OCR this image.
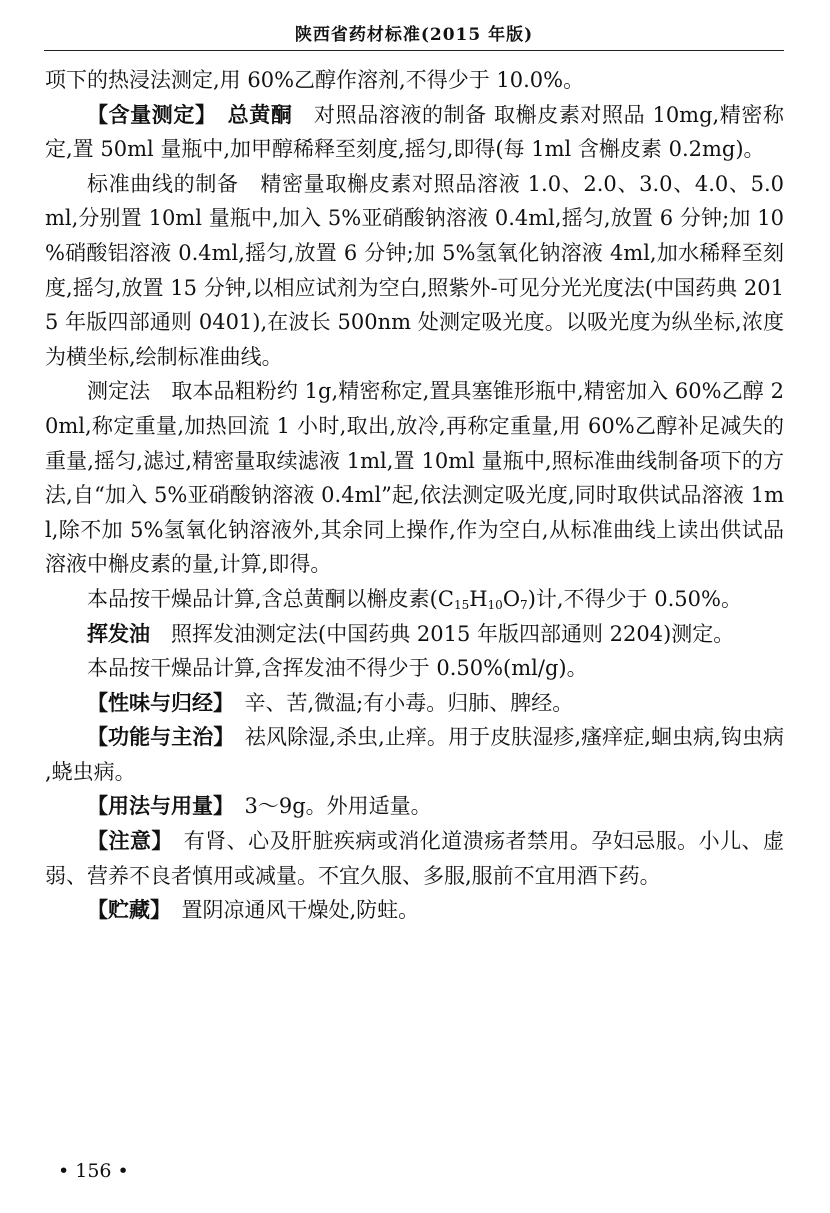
陕西省药材标准(2015 年版)

项下的热浸法测定,用 60%乙醇作溶剂,不得少于 10.0%。

【含量测定】　 总黄酮　 对照品溶液的制备 取槲皮素对照品 10mg,精密称定,置 50ml 量瓶中,加甲醇稀释至刻度,摇匀,即得(每 1ml 含槲皮素 0.2mg)。

标准曲线的制备　精密量取槲皮素对照品溶液 1.0、2.0、3.0、4.0、5.0ml,分别置 10ml 量瓶中,加入 5%亚硝酸钠溶液 0.4ml,摇匀,放置 6 分钟;加 10%硝酸铝溶液 0.4ml,摇匀,放置 6 分钟;加 5%氢氧化钠溶液 4ml,加水稀释至刻度,摇匀,放置 15 分钟,以相应试剂为空白,照紫外-可见分光光度法(中国药典 2015 年版四部通则 0401),在波长 500nm 处测定吸光度。以吸光度为纵坐标,浓度为横坐标,绘制标准曲线。

测定法　取本品粗粉约 1g,精密称定,置具塞锥形瓶中,精密加入 60%乙醇 20ml,称定重量,加热回流 1 小时,取出,放冷,再称定重量,用 60%乙醇补足减失的重量,摇匀,滤过,精密量取续滤液 1ml,置 10ml 量瓶中,照标准曲线制备项下的方法,自“加入 5%亚硝酸钠溶液 0.4ml”起,依法测定吸光度,同时取供试品溶液 1ml,除不加 5%氢氧化钠溶液外,其余同上操作,作为空白,从标准曲线上读出供试品溶液中槲皮素的量,计算,即得。

本品按干燥品计算,含总黄酮以槲皮素$(C_{15}H_{10}O_7)$计,不得少于 0.50%。

挥发油　 照挥发油测定法(中国药典 2015 年版四部通则 2204)测定。

本品按干燥品计算,含挥发油不得少于 0.50%(ml/g)。

【性味与归经】　 辛、苦,微温;有小毒。归肺、脾经。

【功能与主治】　 祛风除湿,杀虫,止痒。用于皮肤湿疹,瘙痒症,蛔虫病,钩虫病,蛲虫病。

【用法与用量】　 3～9g。外用适量。

【注意】　 有肾、心及肝脏疾病或消化道溃疡者禁用。孕妇忌服。小儿、虚弱、营养不良者慎用或减量。不宜久服、多服,服前不宜用酒下药。

【贮藏】　 置阴凉通风干燥处,防蛀。

• 156 •
